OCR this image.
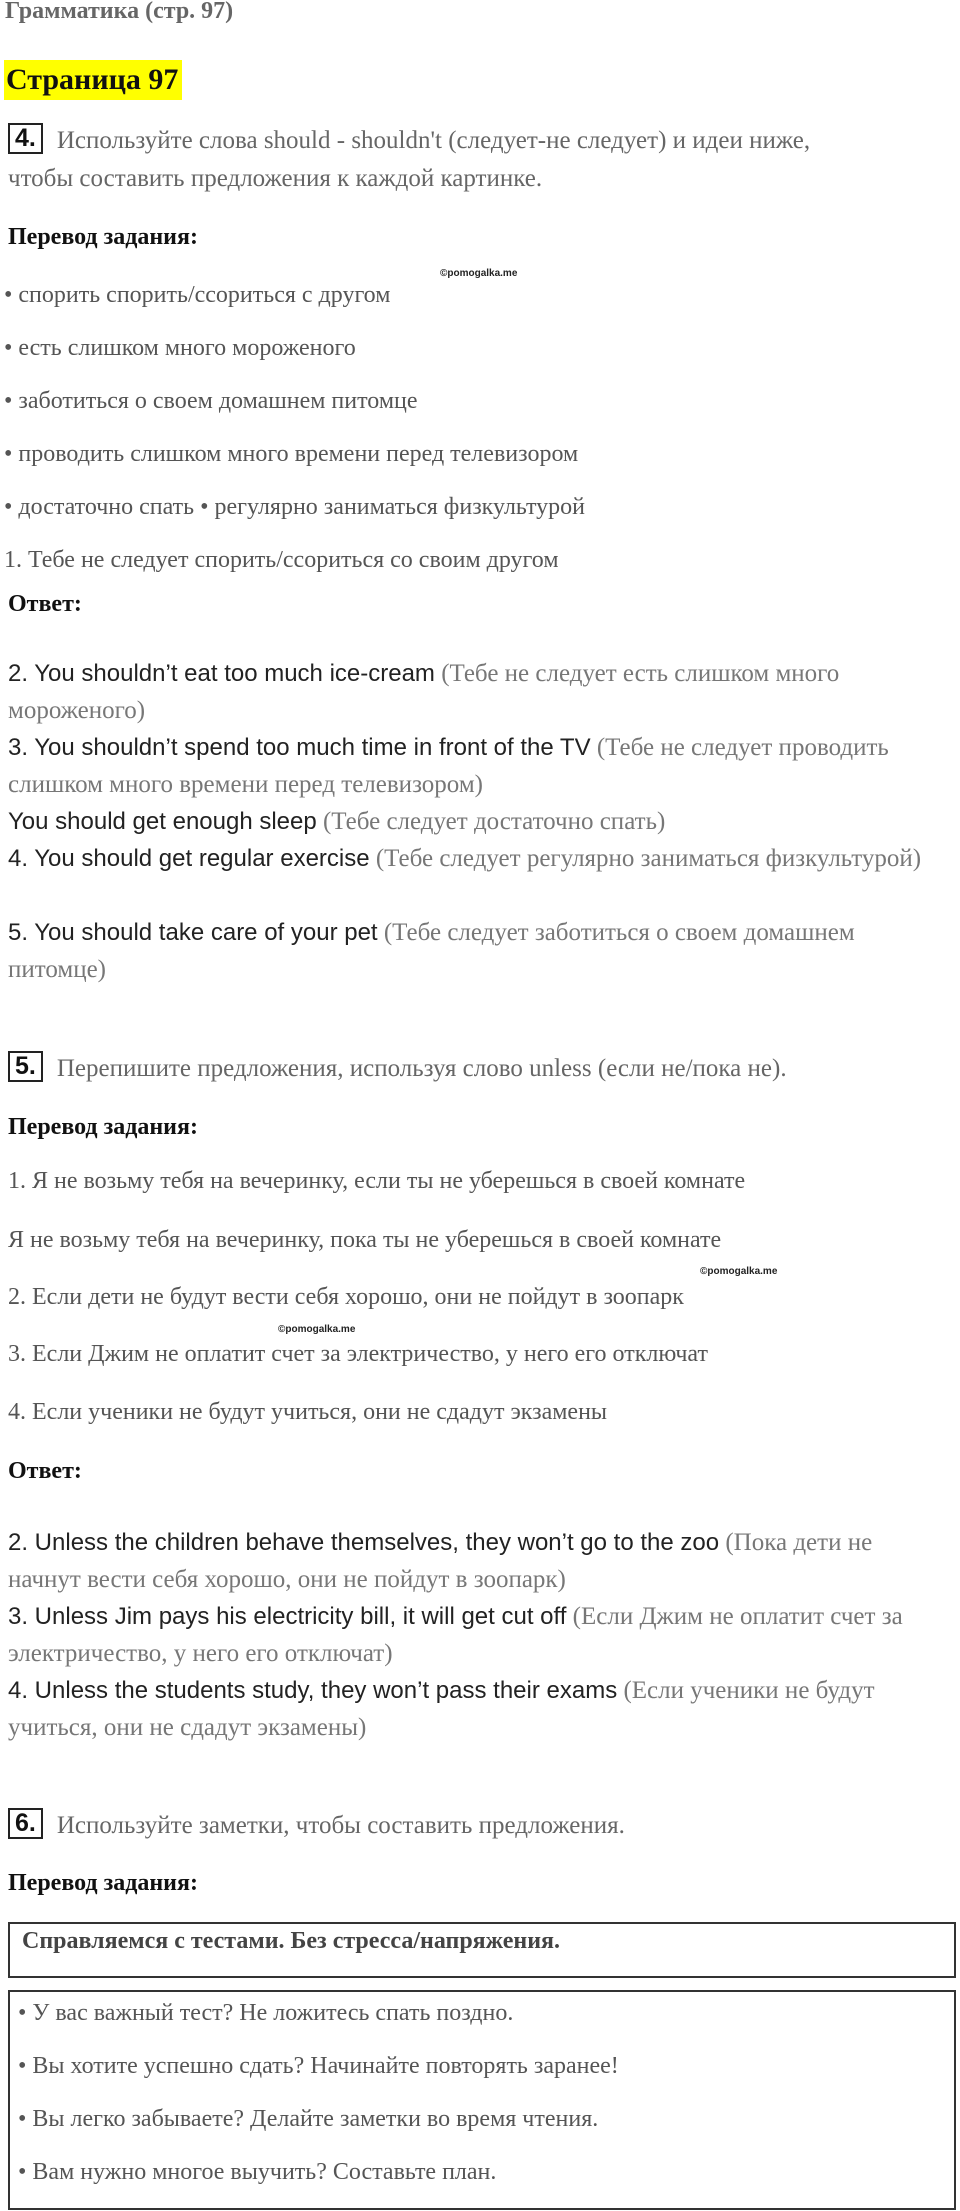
Грамматика (стр. 97)
Страница 97
4. Используйте слова should - shouldn't (следует-не следует) и идеи ниже,
чтобы составить предложения к каждой картинке.
Перевод задания:
©pomogalka.me
• спорить спорить/ссориться с другом
• есть слишком много мороженого
• заботиться о своем домашнем питомце
• проводить слишком много времени перед телевизором
• достаточно спать • регулярно заниматься физкультурой
1. Тебе не следует спорить/ссориться со своим другом
Ответ:
2. You shouldn’t eat too much ice-cream (Тебе не следует есть слишком много мороженого)
3. You shouldn’t spend too much time in front of the TV (Тебе не следует проводить слишком много времени перед телевизором)
You should get enough sleep (Тебе следует достаточно спать)
4. You should get regular exercise (Тебе следует регулярно заниматься физкультурой)
5. You should take care of your pet (Тебе следует заботиться о своем домашнем питомце)
5. Перепишите предложения, используя слово unless (если не/пока не).
Перевод задания:
1. Я не возьму тебя на вечеринку, если ты не уберешься в своей комнате
Я не возьму тебя на вечеринку, пока ты не уберешься в своей комнате
©pomogalka.me
2. Если дети не будут вести себя хорошо, они не пойдут в зоопарк
©pomogalka.me
3. Если Джим не оплатит счет за электричество, у него его отключат
4. Если ученики не будут учиться, они не сдадут экзамены
Ответ:
2. Unless the children behave themselves, they won’t go to the zoo (Пока дети не начнут вести себя хорошо, они не пойдут в зоопарк)
3. Unless Jim pays his electricity bill, it will get cut off (Если Джим не оплатит счет за электричество, у него его отключат)
4. Unless the students study, they won’t pass their exams (Если ученики не будут учиться, они не сдадут экзамены)
6. Используйте заметки, чтобы составить предложения.
Перевод задания:
Справляемся с тестами. Без стресса/напряжения.
• У вас важный тест? Не ложитесь спать поздно.
• Вы хотите успешно сдать? Начинайте повторять заранее!
• Вы легко забываете? Делайте заметки во время чтения.
• Вам нужно многое выучить? Составьте план.
